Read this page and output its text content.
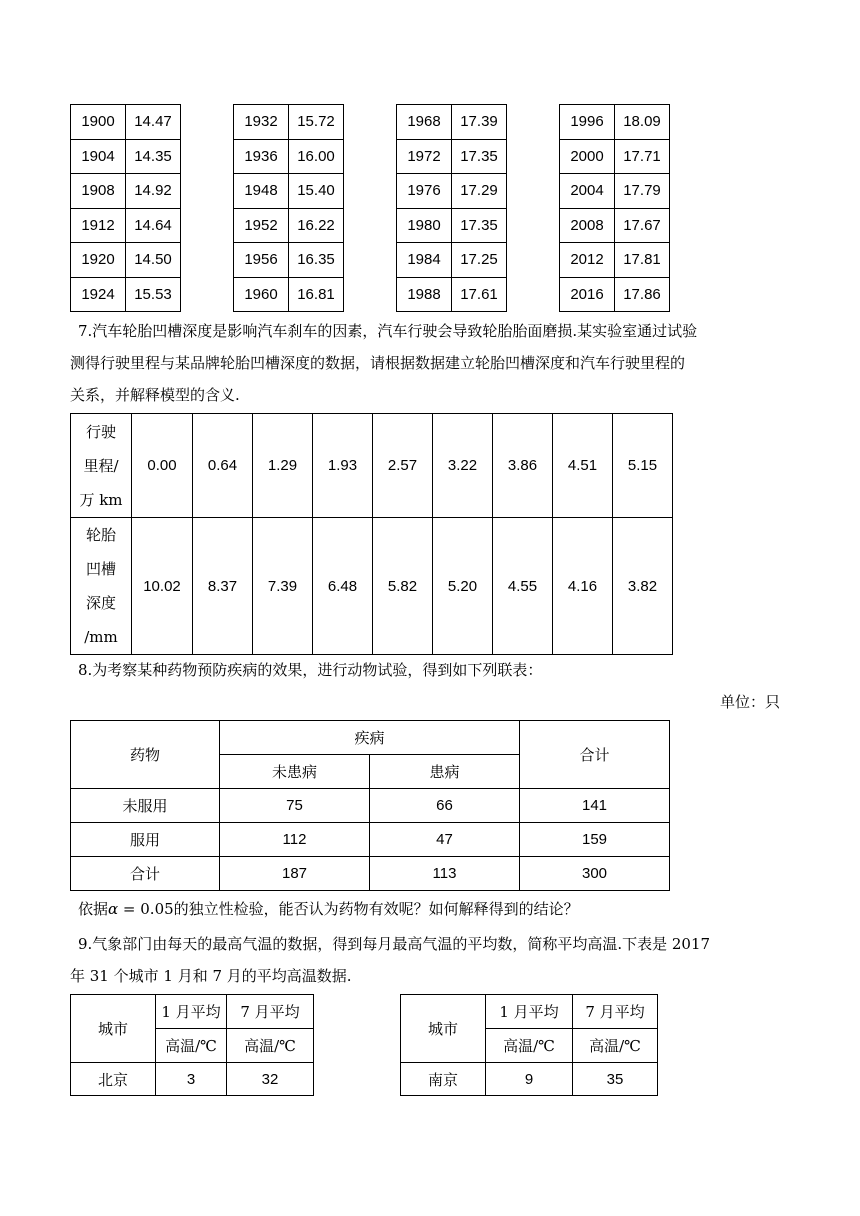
1900	14.47		1932	15.72		1968	17.39		1996	18.09
1904	14.35		1936	16.00		1972	17.35		2000	17.71
1908	14.92		1948	15.40		1976	17.29		2004	17.79
1912	14.64		1952	16.22		1980	17.35		2008	17.67
1920	14.50		1956	16.35		1984	17.25		2012	17.81
1924	15.53		1960	16.81		1988	17.61		2016	17.86
7.汽车轮胎凹槽深度是影响汽车刹车的因素，汽车行驶会导致轮胎胎面磨损.某实验室通过试验
测得行驶里程与某品牌轮胎凹槽深度的数据，请根据数据建立轮胎凹槽深度和汽车行驶里程的
关系，并解释模型的含义.
行驶
里程/
万 km	0.00	0.64	1.29	1.93	2.57	3.22	3.86	4.51	5.15

轮胎
凹槽
深度
/mm	10.02	8.37	7.39	6.48	5.82	5.20	4.55	4.16	3.82
8.为考察某种药物预防疾病的效果，进行动物试验，得到如下列联表：
单位：只
药物	疾病		合计
	未患病	患病	
未服用	75	66	141
服用	112	47	159
合计	187	113	300
依据α = 0.05的独立性检验，能否认为药物有效呢？如何解释得到的结论？
9.气象部门由每天的最高气温的数据，得到每月最高气温的平均数，简称平均高温.下表是 2017
年 31 个城市 1 月和 7 月的平均高温数据.
城市	1 月平均	7 月平均		城市	1 月平均	7 月平均
	高温/℃	高温/℃			高温/℃	高温/℃
北京	3	32		南京	9	35
